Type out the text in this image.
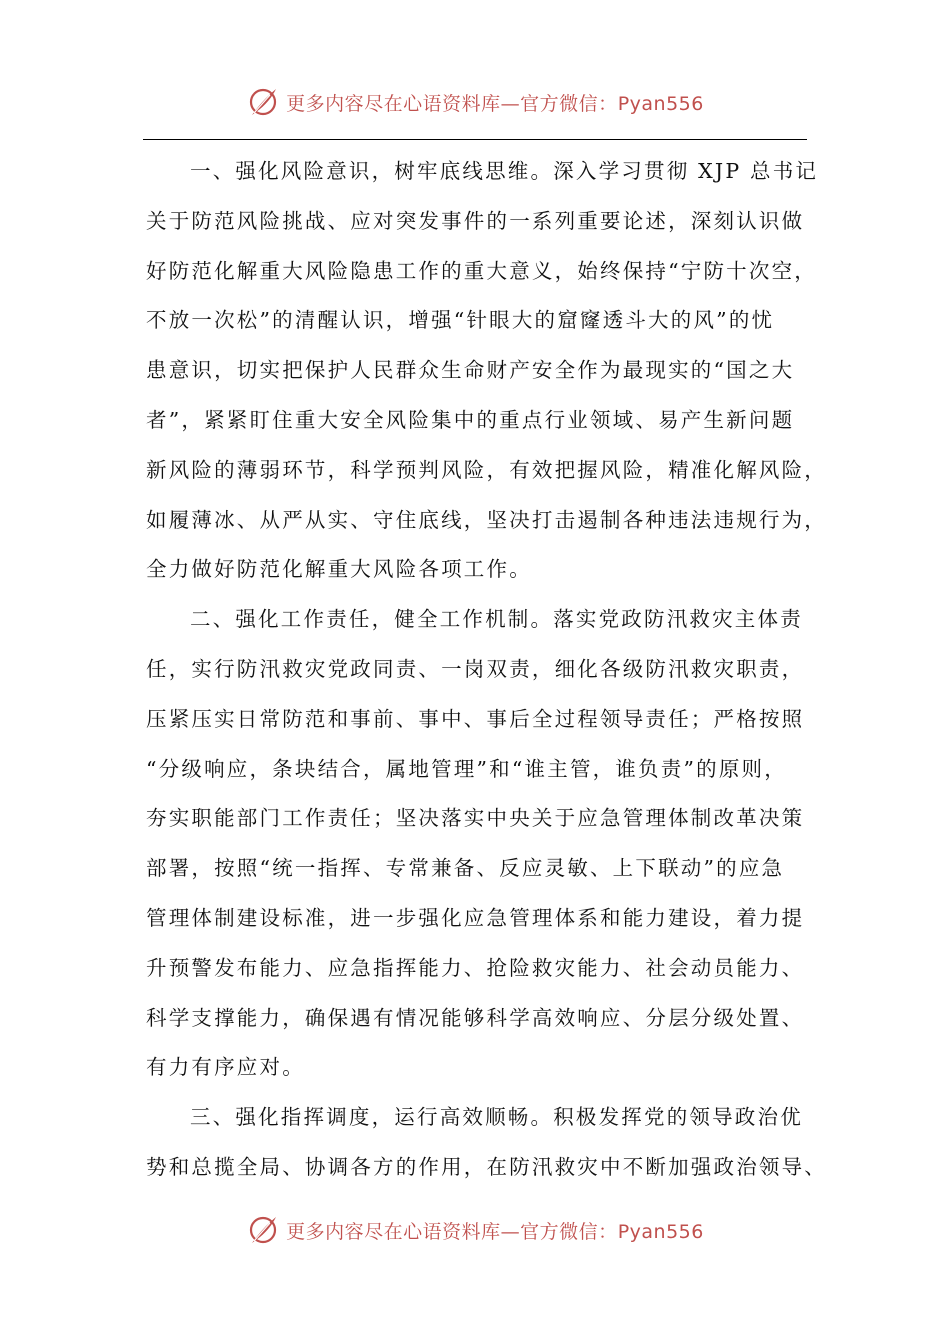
更多内容尽在心语资料库—官方微信：Pyan556
一、强化风险意识，树牢底线思维。深入学习贯彻 XJP 总书记
关于防范风险挑战、应对突发事件的一系列重要论述，深刻认识做
好防范化解重大风险隐患工作的重大意义，始终保持“宁防十次空，
不放一次松”的清醒认识，增强“针眼大的窟窿透斗大的风”的忧
患意识，切实把保护人民群众生命财产安全作为最现实的“国之大
者”，紧紧盯住重大安全风险集中的重点行业领域、易产生新问题
新风险的薄弱环节，科学预判风险，有效把握风险，精准化解风险，
如履薄冰、从严从实、守住底线，坚决打击遏制各种违法违规行为，
全力做好防范化解重大风险各项工作。
二、强化工作责任，健全工作机制。落实党政防汛救灾主体责
任，实行防汛救灾党政同责、一岗双责，细化各级防汛救灾职责，
压紧压实日常防范和事前、事中、事后全过程领导责任；严格按照
“分级响应，条块结合，属地管理”和“谁主管，谁负责”的原则，
夯实职能部门工作责任；坚决落实中央关于应急管理体制改革决策
部署，按照“统一指挥、专常兼备、反应灵敏、上下联动”的应急
管理体制建设标准，进一步强化应急管理体系和能力建设，着力提
升预警发布能力、应急指挥能力、抢险救灾能力、社会动员能力、
科学支撑能力，确保遇有情况能够科学高效响应、分层分级处置、
有力有序应对。
三、强化指挥调度，运行高效顺畅。积极发挥党的领导政治优
势和总揽全局、协调各方的作用，在防汛救灾中不断加强政治领导、
更多内容尽在心语资料库—官方微信：Pyan556
